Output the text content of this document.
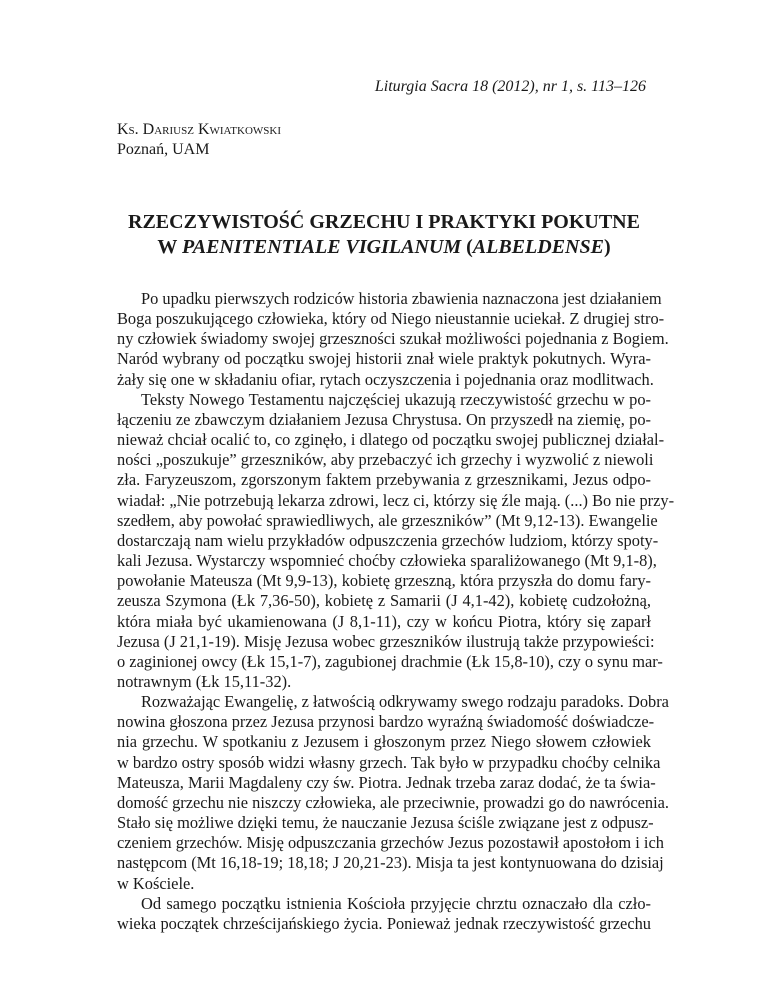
Liturgia Sacra 18 (2012), nr 1, s. 113–126
Ks. Dariusz Kwiatkowski
Poznań, UAM
RZECZYWISTOŚĆ GRZECHU I PRAKTYKI POKUTNE
W PAENITENTIALE VIGILANUM (ALBELDENSE)

Po upadku pierwszych rodziców historia zbawienia naznaczona jest działaniem
Boga poszukującego człowieka, który od Niego nieustannie uciekał. Z drugiej stro-
ny człowiek świadomy swojej grzeszności szukał możliwości pojednania z Bogiem.
Naród wybrany od początku swojej historii znał wiele praktyk pokutnych. Wyra-
żały się one w składaniu ofiar, rytach oczyszczenia i pojednania oraz modlitwach.

Teksty Nowego Testamentu najczęściej ukazują rzeczywistość grzechu w po-
łączeniu ze zbawczym działaniem Jezusa Chrystusa. On przyszedł na ziemię, po-
nieważ chciał ocalić to, co zginęło, i dlatego od początku swojej publicznej działal-
ności „poszukuje” grzeszników, aby przebaczyć ich grzechy i wyzwolić z niewoli
zła. Faryzeuszom, zgorszonym faktem przebywania z grzesznikami, Jezus odpo-
wiadał: „Nie potrzebują lekarza zdrowi, lecz ci, którzy się źle mają. (...) Bo nie przy-
szedłem, aby powołać sprawiedliwych, ale grzeszników” (Mt 9,12-13). Ewangelie
dostarczają nam wielu przykładów odpuszczenia grzechów ludziom, którzy spoty-
kali Jezusa. Wystarczy wspomnieć choćby człowieka sparaliżowanego (Mt 9,1-8),
powołanie Mateusza (Mt 9,9-13), kobietę grzeszną, która przyszła do domu fary-
zeusza Szymona (Łk 7,36-50), kobietę z Samarii (J 4,1-42), kobietę cudzołożną,
która miała być ukamienowana (J 8,1-11), czy w końcu Piotra, który się zaparł
Jezusa (J 21,1-19). Misję Jezusa wobec grzeszników ilustrują także przypowieści:
o zaginionej owcy (Łk 15,1-7), zagubionej drachmie (Łk 15,8-10), czy o synu mar-
notrawnym (Łk 15,11-32).

Rozważając Ewangelię, z łatwością odkrywamy swego rodzaju paradoks. Dobra
nowina głoszona przez Jezusa przynosi bardzo wyraźną świadomość doświadcze-
nia grzechu. W spotkaniu z Jezusem i głoszonym przez Niego słowem człowiek
w bardzo ostry sposób widzi własny grzech. Tak było w przypadku choćby celnika
Mateusza, Marii Magdaleny czy św. Piotra. Jednak trzeba zaraz dodać, że ta świa-
domość grzechu nie niszczy człowieka, ale przeciwnie, prowadzi go do nawrócenia.
Stało się możliwe dzięki temu, że nauczanie Jezusa ściśle związane jest z odpusz-
czeniem grzechów. Misję odpuszczania grzechów Jezus pozostawił apostołom i ich
następcom (Mt 16,18-19; 18,18; J 20,21-23). Misja ta jest kontynuowana do dzisiaj
w Kościele.

Od samego początku istnienia Kościoła przyjęcie chrztu oznaczało dla czło-
wieka początek chrześcijańskiego życia. Ponieważ jednak rzeczywistość grzechu
